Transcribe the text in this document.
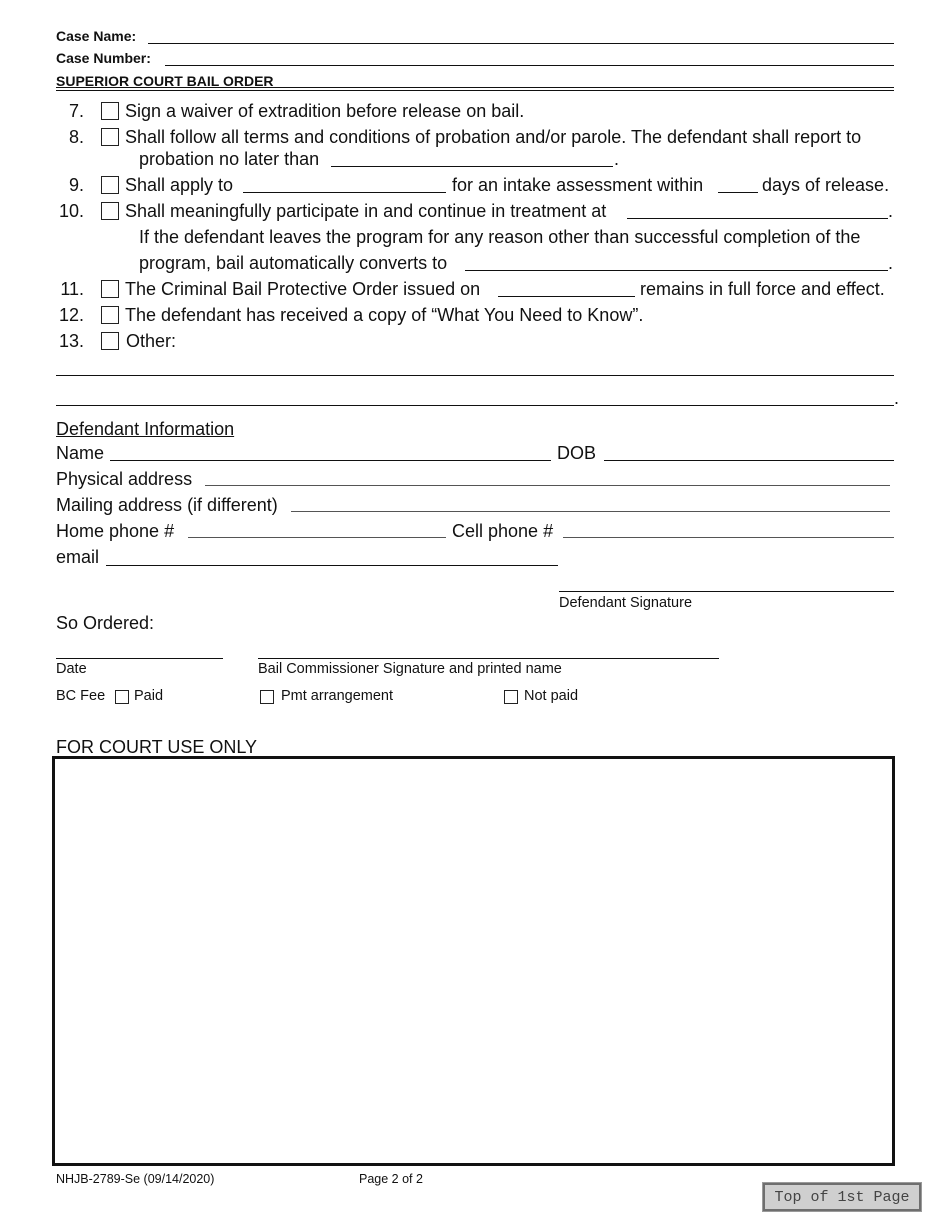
Case Name:
Case Number:
SUPERIOR COURT BAIL ORDER
7. Sign a waiver of extradition before release on bail.
8. Shall follow all terms and conditions of probation and/or parole. The defendant shall report to
probation no later than	.
9. Shall apply to	for an intake assessment within	days of release.
10. Shall meaningfully participate in and continue in treatment at	.
If the defendant leaves the program for any reason other than successful completion of the
program, bail automatically converts to	.
11. The Criminal Bail Protective Order issued on	remains in full force and effect.
12. The defendant has received a copy of “What You Need to Know”.
13. Other:
.
Defendant Information
Name	DOB
Physical address
Mailing address (if different)
Home phone #	Cell phone #
email
Defendant Signature
So Ordered:
Date	Bail Commissioner Signature and printed name
BC Fee Paid	Pmt arrangement	Not paid
FOR COURT USE ONLY
NHJB-2789-Se (09/14/2020)	Page 2 of 2
Top of 1st Page
